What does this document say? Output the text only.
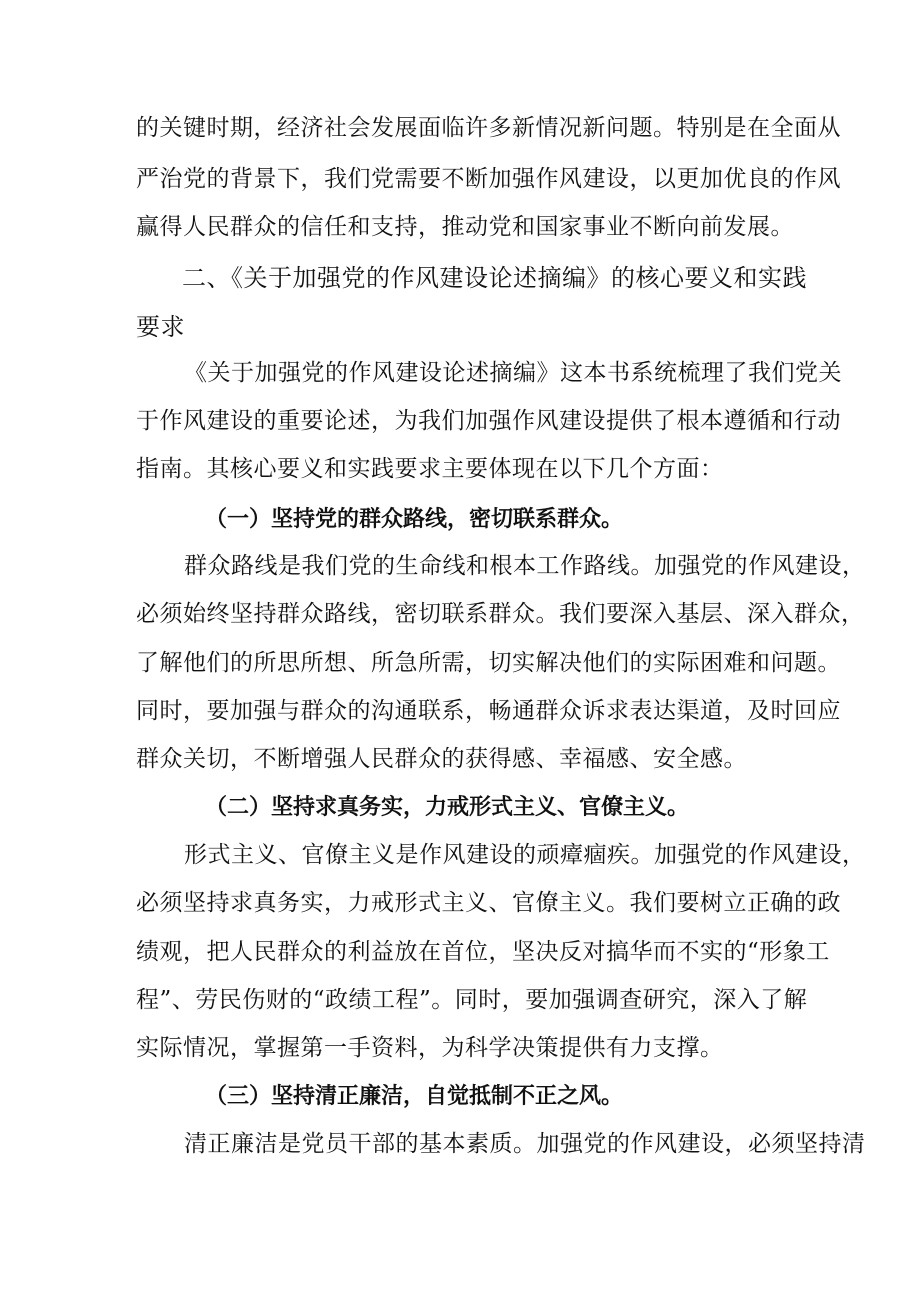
的关键时期，经济社会发展面临许多新情况新问题。特别是在全面从
严治党的背景下，我们党需要不断加强作风建设，以更加优良的作风
赢得人民群众的信任和支持，推动党和国家事业不断向前发展。
二、《关于加强党的作风建设论述摘编》的核心要义和实践
要求
《关于加强党的作风建设论述摘编》这本书系统梳理了我们党关
于作风建设的重要论述，为我们加强作风建设提供了根本遵循和行动
指南。其核心要义和实践要求主要体现在以下几个方面：
（一）坚持党的群众路线，密切联系群众。
群众路线是我们党的生命线和根本工作路线。加强党的作风建设，
必须始终坚持群众路线，密切联系群众。我们要深入基层、深入群众，
了解他们的所思所想、所急所需，切实解决他们的实际困难和问题。
同时，要加强与群众的沟通联系，畅通群众诉求表达渠道，及时回应
群众关切，不断增强人民群众的获得感、幸福感、安全感。
（二）坚持求真务实，力戒形式主义、官僚主义。
形式主义、官僚主义是作风建设的顽瘴痼疾。加强党的作风建设，
必须坚持求真务实，力戒形式主义、官僚主义。我们要树立正确的政
绩观，把人民群众的利益放在首位，坚决反对搞华而不实的“形象工
程”、劳民伤财的“政绩工程”。同时，要加强调查研究，深入了解
实际情况，掌握第一手资料，为科学决策提供有力支撑。
（三）坚持清正廉洁，自觉抵制不正之风。
清正廉洁是党员干部的基本素质。加强党的作风建设，必须坚持清
